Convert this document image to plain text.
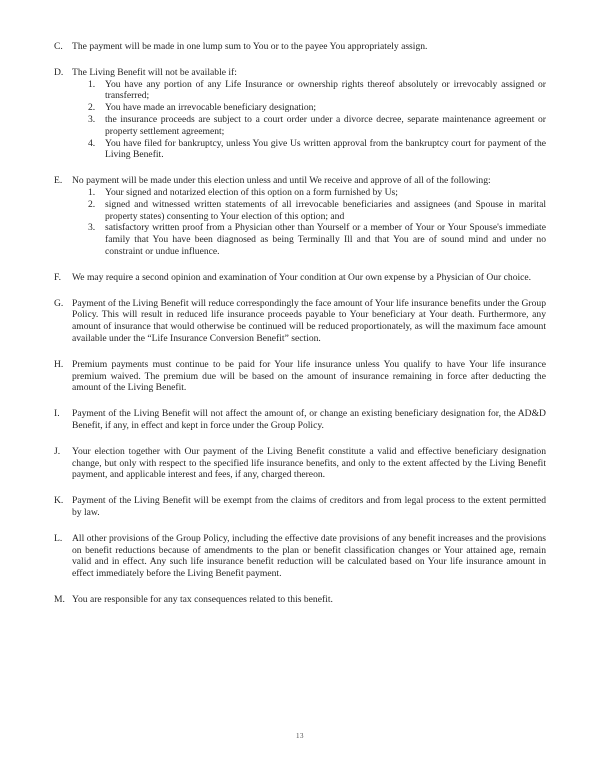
C. The payment will be made in one lump sum to You or to the payee You appropriately assign.
D. The Living Benefit will not be available if:
1.	You have any portion of any Life Insurance or ownership rights thereof absolutely or irrevocably assigned or transferred;
2.	You have made an irrevocable beneficiary designation;
3.	the insurance proceeds are subject to a court order under a divorce decree, separate maintenance agreement or property settlement agreement;
4.	You have filed for bankruptcy, unless You give Us written approval from the bankruptcy court for payment of the Living Benefit.
E.	No payment will be made under this election unless and until We receive and approve of all of the following:
1.	Your signed and notarized election of this option on a form furnished by Us;
2.	signed and witnessed written statements of all irrevocable beneficiaries and assignees (and Spouse in marital property states) consenting to Your election of this option; and
3.	satisfactory written proof from a Physician other than Yourself or a member of Your or Your Spouse's immediate family that You have been diagnosed as being Terminally Ill and that You are of sound mind and under no constraint or undue influence.
F.	We may require a second opinion and examination of Your condition at Our own expense by a Physician of Our choice.
G. Payment of the Living Benefit will reduce correspondingly the face amount of Your life insurance benefits under the Group Policy. This will result in reduced life insurance proceeds payable to Your beneficiary at Your death. Furthermore, any amount of insurance that would otherwise be continued will be reduced proportionately, as will the maximum face amount available under the “Life Insurance Conversion Benefit” section.
H. Premium payments must continue to be paid for Your life insurance unless You qualify to have Your life insurance premium waived. The premium due will be based on the amount of insurance remaining in force after deducting the amount of the Living Benefit.
I.	Payment of the Living Benefit will not affect the amount of, or change an existing beneficiary designation for, the AD&D Benefit, if any, in effect and kept in force under the Group Policy.
J.	Your election together with Our payment of the Living Benefit constitute a valid and effective beneficiary designation change, but only with respect to the specified life insurance benefits, and only to the extent affected by the Living Benefit payment, and applicable interest and fees, if any, charged thereon.
K. Payment of the Living Benefit will be exempt from the claims of creditors and from legal process to the extent permitted by law.
L.	All other provisions of the Group Policy, including the effective date provisions of any benefit increases and the provisions on benefit reductions because of amendments to the plan or benefit classification changes or Your attained age, remain valid and in effect. Any such life insurance benefit reduction will be calculated based on Your life insurance amount in effect immediately before the Living Benefit payment.
M. You are responsible for any tax consequences related to this benefit.
13
